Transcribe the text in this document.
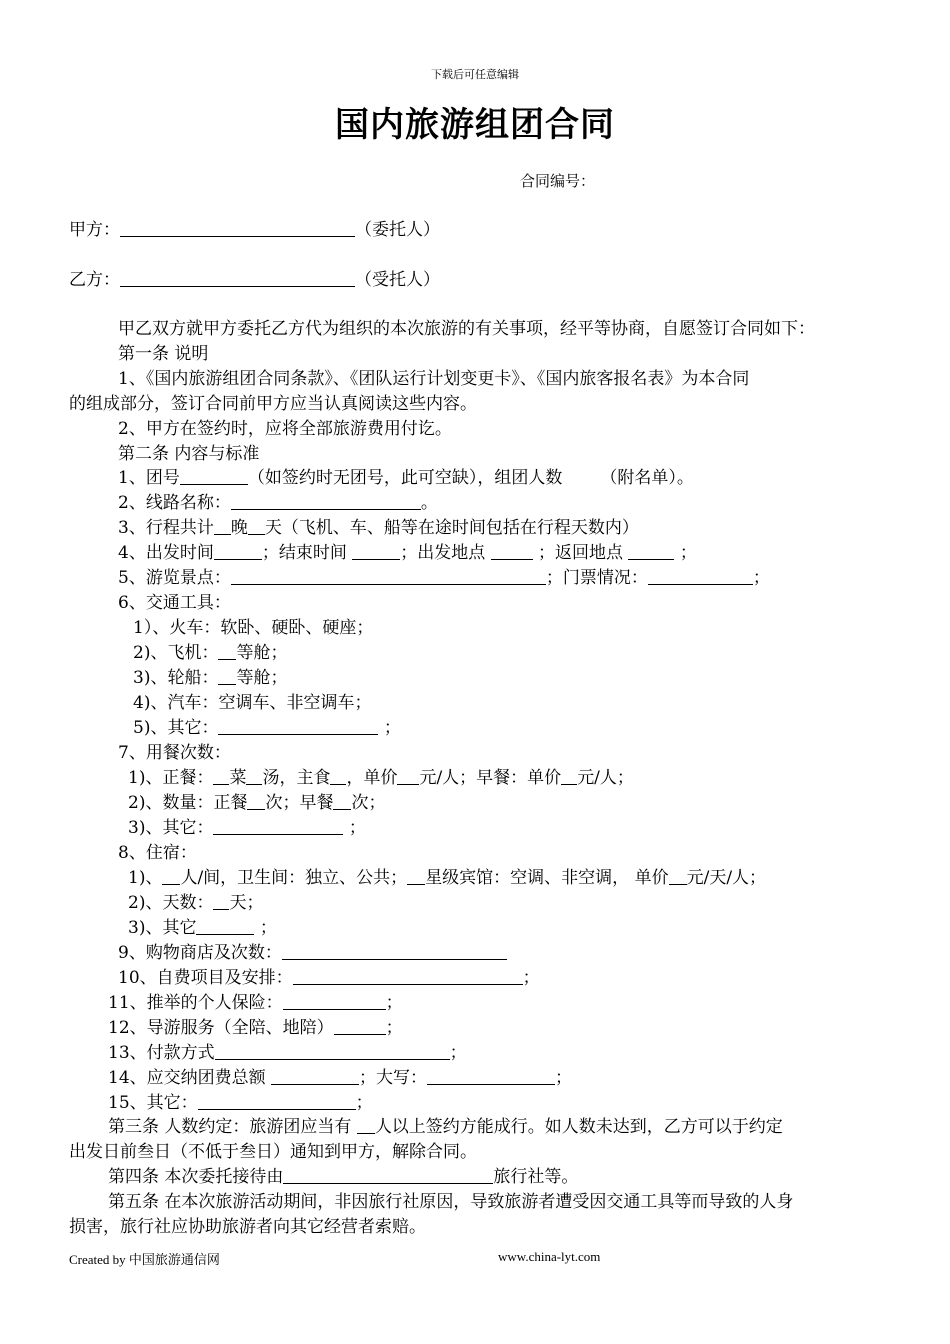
下载后可任意编辑
国内旅游组团合同
合同编号：
甲方：	（委托人）
乙方：	（受托人）
甲乙双方就甲方委托乙方代为组织的本次旅游的有关事项，经平等协商，自愿签订合同如下：
第一条 说明
1、《国内旅游组团合同条款》、《团队运行计划变更卡》、《国内旅客报名表》为本合同
的组成部分，签订合同前甲方应当认真阅读这些内容。
2、甲方在签约时，应将全部旅游费用付讫。
第二条 内容与标准
1、团号	（如签约时无团号，此可空缺），组团人数 （附名单）。
2、线路名称：	。
3、行程共计 晚 天（飞机、车、船等在途时间包括在行程天数内）
4、出发时间	；结束时间	；出发地点	；返回地点	；
5、游览景点：	；门票情况：	；
6、交通工具：
1）、火车：软卧、硬卧、硬座；
2)、飞机： 等舱；
3)、轮船： 等舱；
4)、汽车：空调车、非空调车；
5)、其它：	；
7、用餐次数：
1)、正餐： 菜 汤，主食 ，单价 元/人；早餐：单价 元/人；
2)、数量：正餐 次；早餐 次；
3)、其它：	；
8、住宿：
1)、 人/间，卫生间：独立、公共； 星级宾馆：空调、非空调， 单价 元/天/人；
2)、天数： 天；
3)、其它	；
9、购物商店及次数：
10、自费项目及安排：	；
11、推举的个人保险：	；
12、导游服务（全陪、地陪）	；
13、付款方式	；
14、应交纳团费总额	；大写：	；
15、其它：	；
第三条 人数约定：旅游团应当有 人以上签约方能成行。如人数未达到，乙方可以于约定
出发日前叁日（不低于叁日）通知到甲方，解除合同。
第四条 本次委托接待由	旅行社等。
第五条 在本次旅游活动期间，非因旅行社原因，导致旅游者遭受因交通工具等而导致的人身
损害，旅行社应协助旅游者向其它经营者索赔。
Created by 中国旅游通信网	www.china-lyt.com
